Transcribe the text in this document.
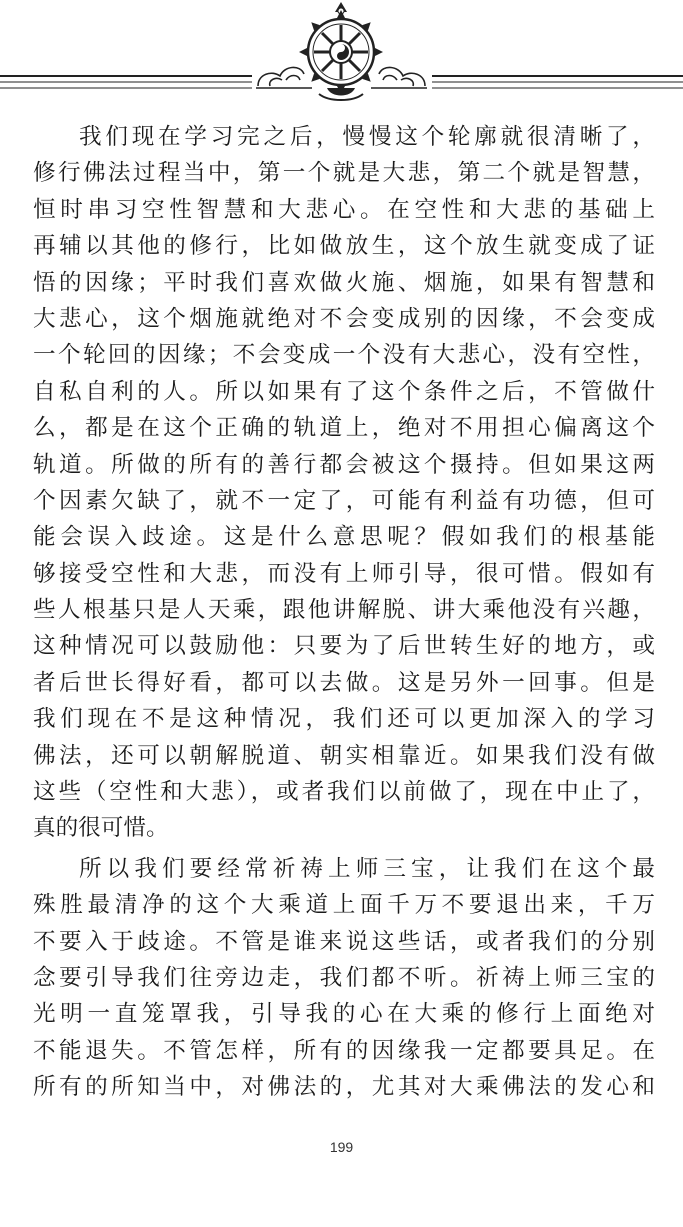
我们现在学习完之后，慢慢这个轮廓就很清晰了，
修行佛法过程当中，第一个就是大悲，第二个就是智慧，
恒时串习空性智慧和大悲心。在空性和大悲的基础上
再辅以其他的修行，比如做放生，这个放生就变成了证
悟的因缘；平时我们喜欢做火施、烟施，如果有智慧和
大悲心，这个烟施就绝对不会变成别的因缘，不会变成
一个轮回的因缘；不会变成一个没有大悲心，没有空性，
自私自利的人。所以如果有了这个条件之后，不管做什
么，都是在这个正确的轨道上，绝对不用担心偏离这个
轨道。所做的所有的善行都会被这个摄持。但如果这两
个因素欠缺了，就不一定了，可能有利益有功德，但可
能会误入歧途。这是什么意思呢？假如我们的根基能
够接受空性和大悲，而没有上师引导，很可惜。假如有
些人根基只是人天乘，跟他讲解脱、讲大乘他没有兴趣，
这种情况可以鼓励他：只要为了后世转生好的地方，或
者后世长得好看，都可以去做。这是另外一回事。但是
我们现在不是这种情况，我们还可以更加深入的学习
佛法，还可以朝解脱道、朝实相靠近。如果我们没有做
这些（空性和大悲），或者我们以前做了，现在中止了，
真的很可惜。
所以我们要经常祈祷上师三宝，让我们在这个最
殊胜最清净的这个大乘道上面千万不要退出来，千万
不要入于歧途。不管是谁来说这些话，或者我们的分别
念要引导我们往旁边走，我们都不听。祈祷上师三宝的
光明一直笼罩我，引导我的心在大乘的修行上面绝对
不能退失。不管怎样，所有的因缘我一定都要具足。在
所有的所知当中，对佛法的，尤其对大乘佛法的发心和
199
